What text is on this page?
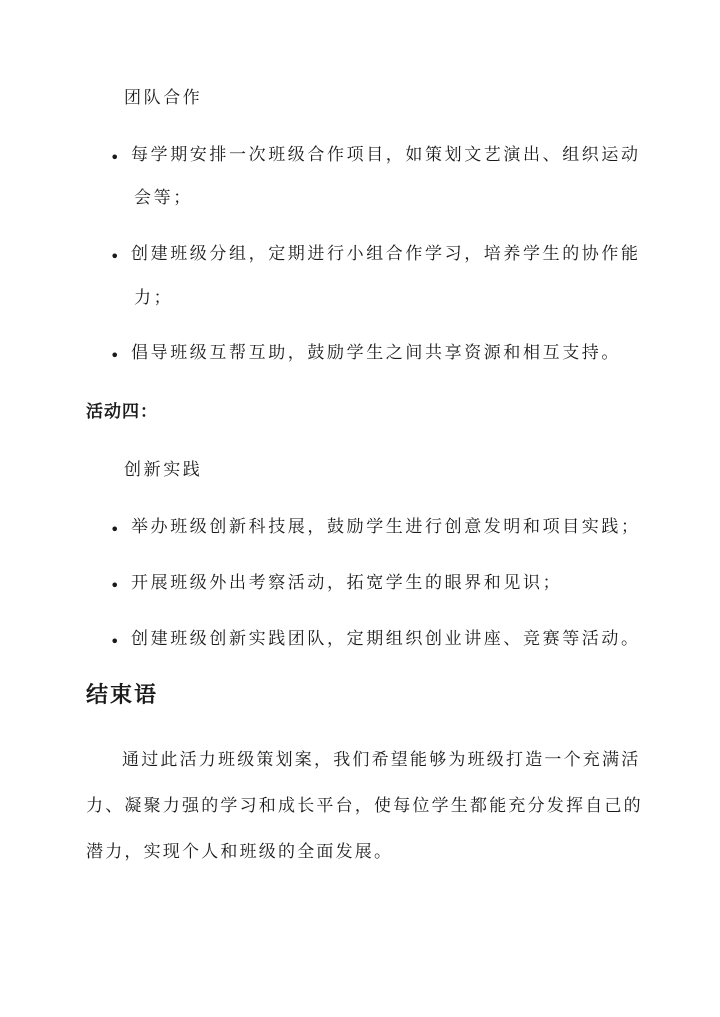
团队合作
• 每学期安排一次班级合作项目，如策划文艺演出、组织运动
会等；
• 创建班级分组，定期进行小组合作学习，培养学生的协作能
力；
• 倡导班级互帮互助，鼓励学生之间共享资源和相互支持。
活动四：
创新实践
• 举办班级创新科技展，鼓励学生进行创意发明和项目实践；
• 开展班级外出考察活动，拓宽学生的眼界和见识；
• 创建班级创新实践团队，定期组织创业讲座、竞赛等活动。
结束语
通过此活力班级策划案，我们希望能够为班级打造一个充满活
力、凝聚力强的学习和成长平台，使每位学生都能充分发挥自己的
潜力，实现个人和班级的全面发展。
